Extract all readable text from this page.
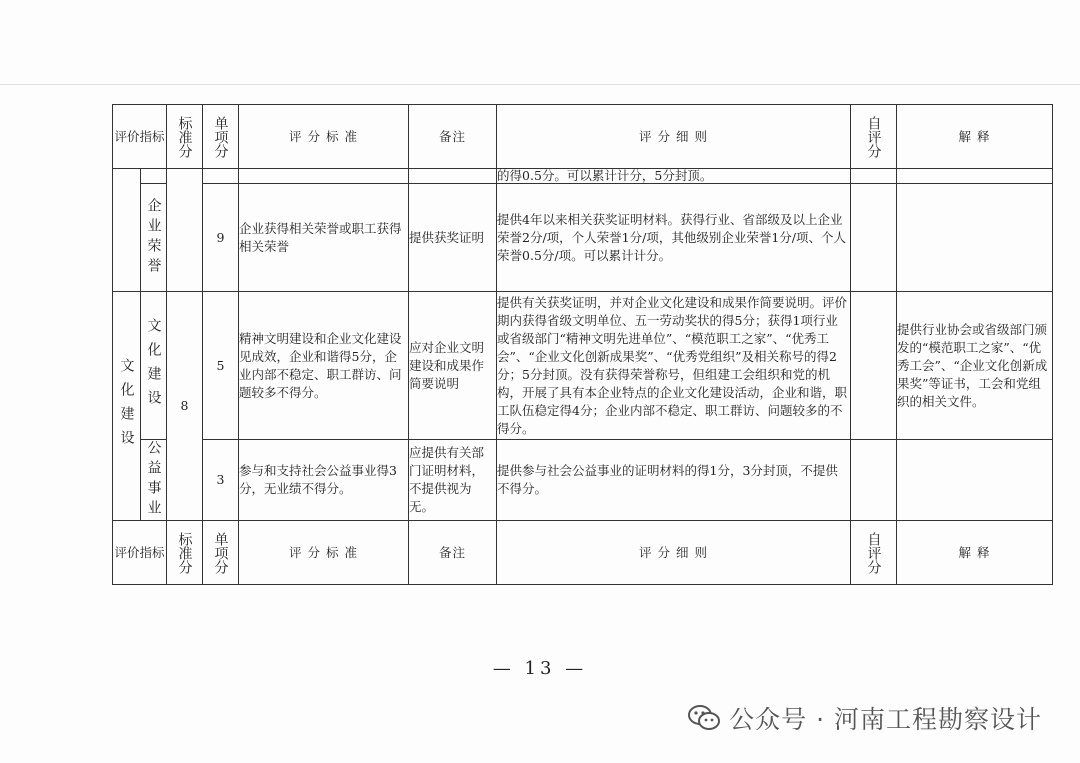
评价指标		标准分	单项分	评 分 标 准	备注	评 分 细 则	自评分	解 释
						的得0.5分。可以累计计分，5分封顶。		

	企业荣誉		9	企业获得相关荣誉或职工获得相关荣誉	提供获奖证明	提供4年以来相关获奖证明材料。获得行业、省部级及以上企业荣誉2分/项，个人荣誉1分/项，其他级别企业荣誉1分/项、个人荣誉0.5分/项。可以累计计分。		

文化建设	文化建设	8	5	精神文明建设和企业文化建设见成效，企业和谐得5分，企业内部不稳定、职工群访、问题较多不得分。	应对企业文明建设和成果作简要说明	提供有关获奖证明，并对企业文化建设和成果作简要说明。评价期内获得省级文明单位、五一劳动奖状的得5分；获得1项行业或省级部门“精神文明先进单位”、“模范职工之家”、“优秀工会”、“企业文化创新成果奖”、“优秀党组织”及相关称号的得2分；5分封顶。没有获得荣誉称号，但组建工会组织和党的机构，开展了具有本企业特点的企业文化建设活动，企业和谐，职工队伍稳定得4分；企业内部不稳定、职工群访、问题较多的不得分。		提供行业协会或省级部门颁发的“模范职工之家”、“优秀工会”、“企业文化创新成果奖”等证书，工会和党组织的相关文件。

	公益事业		3	参与和支持社会公益事业得3分，无业绩不得分。	应提供有关部门证明材料，不提供视为无。	提供参与社会公益事业的证明材料的得1分，3分封顶，不提供不得分。		
评价指标		标准分	单项分	评 分 标 准	备注	评 分 细 则	自评分	解 释
— 13 —
公众号 · 河南工程勘察设计
